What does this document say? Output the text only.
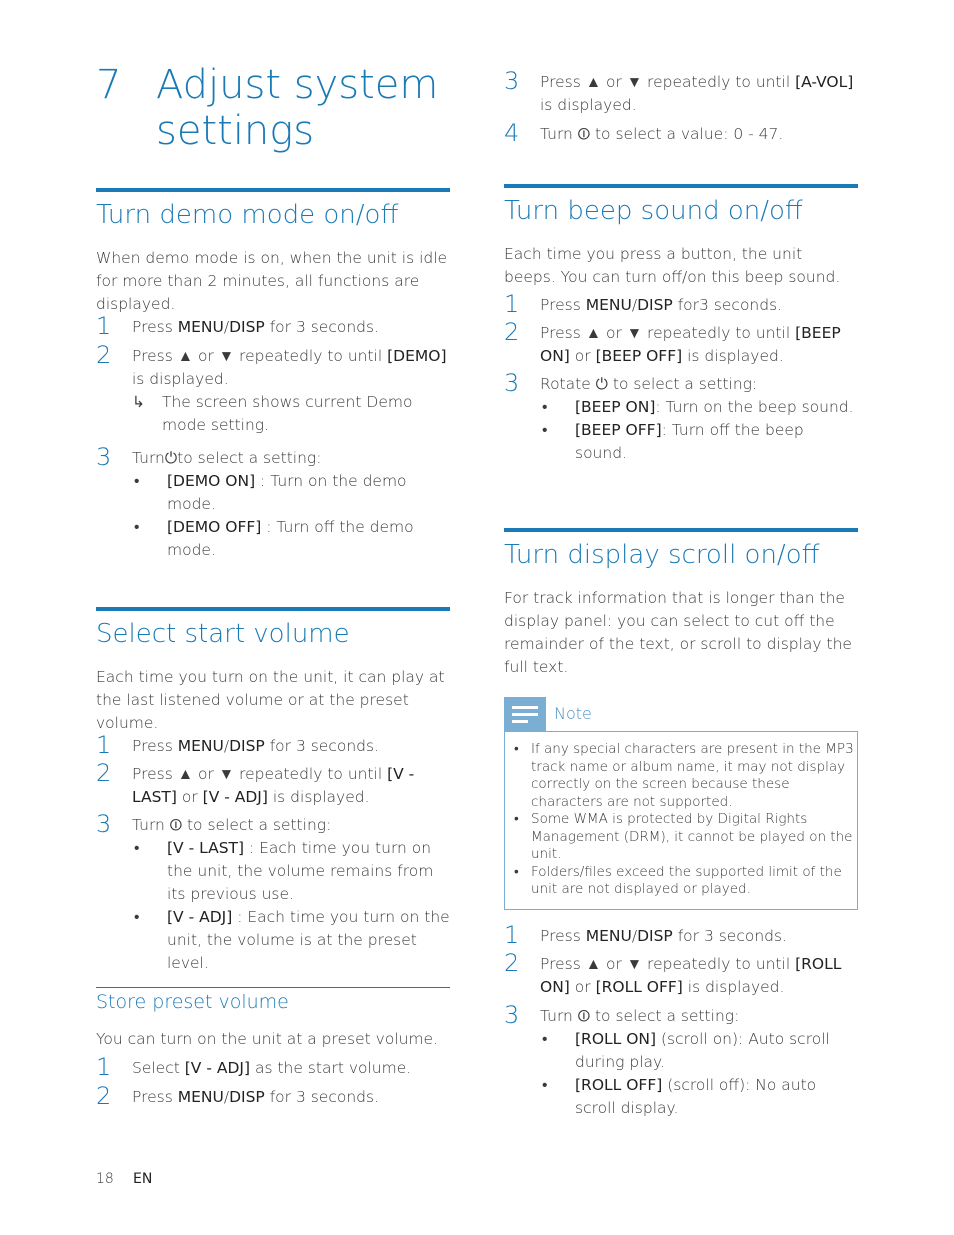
7 Adjust system settings
Turn demo mode on/off

When demo mode is on, when the unit is idle for more than 2 minutes, all functions are displayed.

1 Press MENU/DISP for 3 seconds.
2 Press ▲ or ▼ repeatedly to until [DEMO] is displayed.
↳ The screen shows current Demo mode setting.
3 Turn⏻to select a setting:
• [DEMO ON] : Turn on the demo mode.
• [DEMO OFF] : Turn off the demo mode.
Select start volume

Each time you turn on the unit, it can play at the last listened volume or at the preset volume.

1 Press MENU/DISP for 3 seconds.
2 Press ▲ or ▼ repeatedly to until [V - LAST] or [V - ADJ] is displayed.
3 Turn ⏼ to select a setting:
• [V - LAST] : Each time you turn on the unit, the volume remains from its previous use.
• [V - ADJ] : Each time you turn on the unit, the volume is at the preset level.
Store preset volume

You can turn on the unit at a preset volume.

1 Select [V - ADJ] as the start volume.
2 Press MENU/DISP for 3 seconds.
3 Press ▲ or ▼ repeatedly to until [A-VOL] is displayed.
4 Turn ⏼ to select a value: 0 - 47.
Turn beep sound on/off

Each time you press a button, the unit beeps. You can turn off/on this beep sound.

1 Press MENU/DISP for3 seconds.
2 Press ▲ or ▼ repeatedly to until [BEEP ON] or [BEEP OFF] is displayed.
3 Rotate ⏻ to select a setting:
• [BEEP ON]: Turn on the beep sound.
• [BEEP OFF]: Turn off the beep sound.
Turn display scroll on/off

For track information that is longer than the display panel: you can select to cut off the remainder of the text, or scroll to display the full text.

Note
• If any special characters are present in the MP3 track name or album name, it may not display correctly on the screen because these characters are not supported.
• Some WMA is protected by Digital Rights Management (DRM), it cannot be played on the unit.
• Folders/files exceed the supported limit of the unit are not displayed or played.
1 Press MENU/DISP for 3 seconds.
2 Press ▲ or ▼ repeatedly to until [ROLL ON] or [ROLL OFF] is displayed.
3 Turn ⏼ to select a setting:
• [ROLL ON] (scroll on): Auto scroll during play.
• [ROLL OFF] (scroll off): No auto scroll display.
18 EN
